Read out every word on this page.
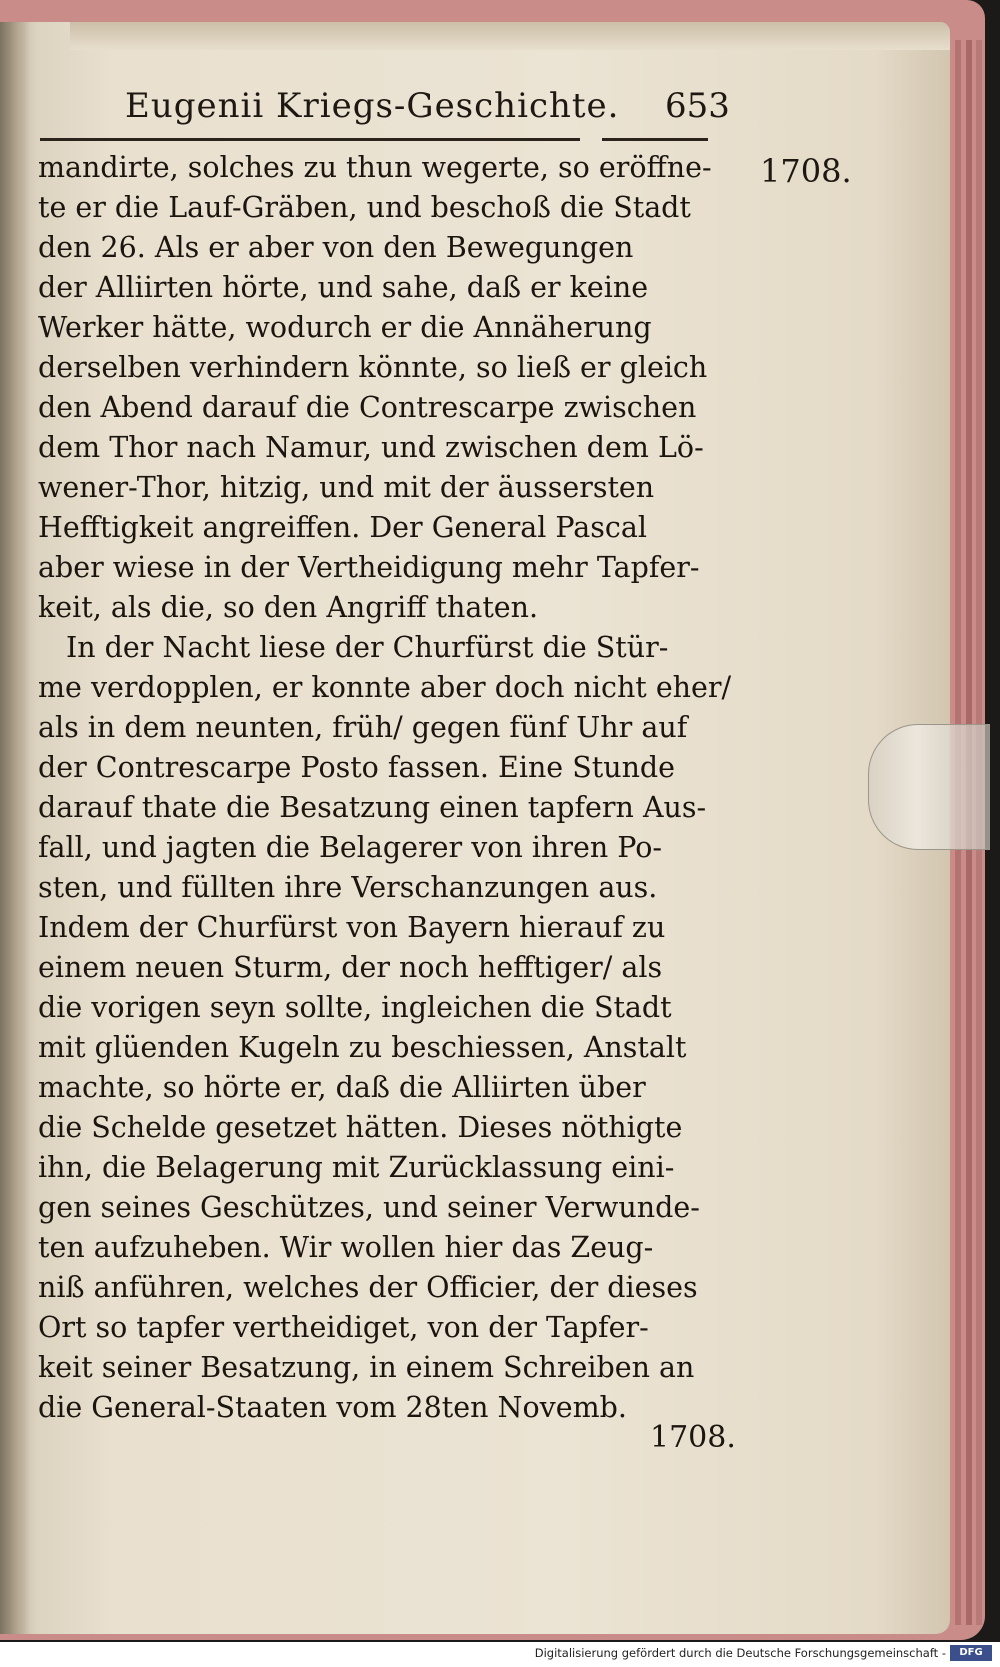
Eugenii Kriegs-Geschichte. 653
1708.
mandirte, solches zu thun wegerte, so eröffne-
te er die Lauf-Gräben, und beschoß die Stadt
den 26. Als er aber von den Bewegungen
der Alliirten hörte, und sahe, daß er keine
Werker hätte, wodurch er die Annäherung
derselben verhindern könnte, so ließ er gleich
den Abend darauf die Contrescarpe zwischen
dem Thor nach Namur, und zwischen dem Lö-
wener-Thor, hitzig, und mit der äussersten
Hefftigkeit angreiffen. Der General Pascal
aber wiese in der Vertheidigung mehr Tapfer-
keit, als die, so den Angriff thaten.
In der Nacht liese der Churfürst die Stür-
me verdopplen, er konnte aber doch nicht eher/
als in dem neunten, früh/ gegen fünf Uhr auf
der Contrescarpe Posto fassen. Eine Stunde
darauf thate die Besatzung einen tapfern Aus-
fall, und jagten die Belagerer von ihren Po-
sten, und füllten ihre Verschanzungen aus.
Indem der Churfürst von Bayern hierauf zu
einem neuen Sturm, der noch hefftiger/ als
die vorigen seyn sollte, ingleichen die Stadt
mit glüenden Kugeln zu beschiessen, Anstalt
machte, so hörte er, daß die Alliirten über
die Schelde gesetzet hätten. Dieses nöthigte
ihn, die Belagerung mit Zurücklassung eini-
gen seines Geschützes, und seiner Verwunde-
ten aufzuheben. Wir wollen hier das Zeug-
niß anführen, welches der Officier, der dieses
Ort so tapfer vertheidiget, von der Tapfer-
keit seiner Besatzung, in einem Schreiben an
die General-Staaten vom 28ten Novemb.
1708.
Digitalisierung gefördert durch die Deutsche Forschungsgemeinschaft -	DFG
